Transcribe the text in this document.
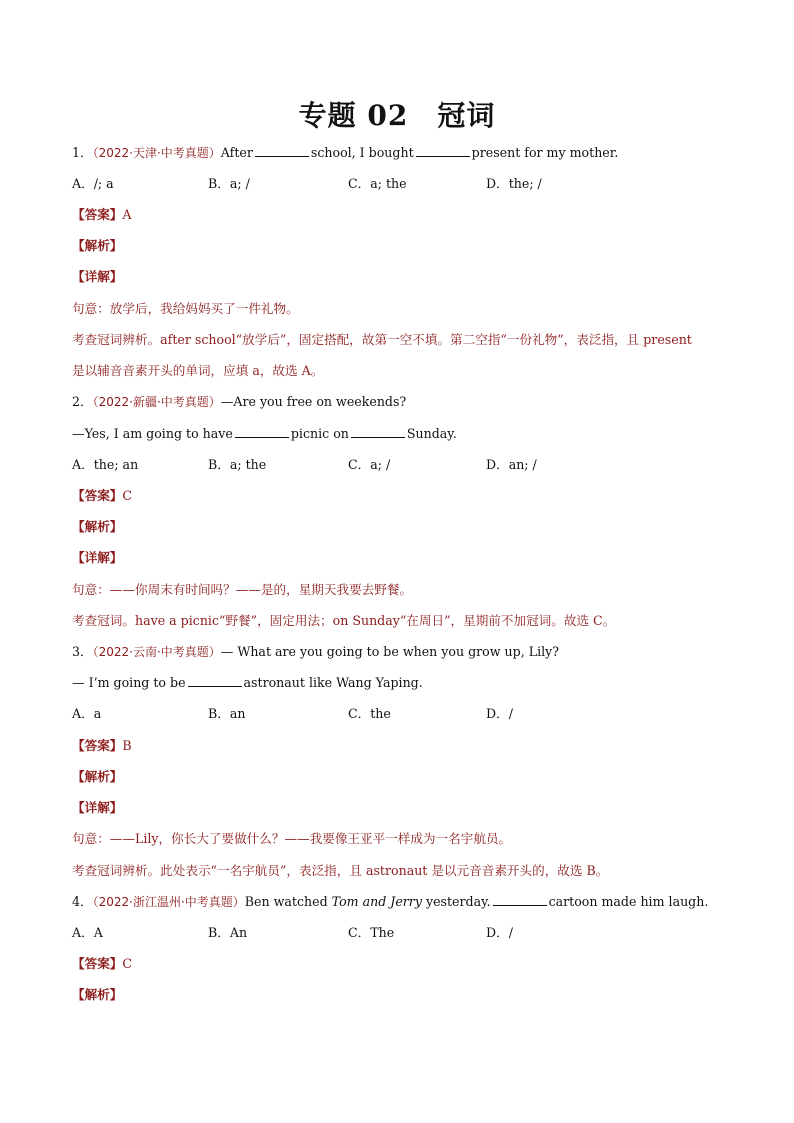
专题 02　冠词
1．（2022·天津·中考真题）After	school, I bought	present for my mother.
A．/; a	B．a; /	C．a; the	D．the; /
【答案】A
【解析】
【详解】
句意：放学后，我给妈妈买了一件礼物。
考查冠词辨析。after school“放学后”，固定搭配，故第一空不填。第二空指“一份礼物”，表泛指，且 present
是以辅音音素开头的单词，应填 a，故选 A。
2．（2022·新疆·中考真题）—Are you free on weekends?
—Yes, I am going to have	picnic on	Sunday.
A．the; an	B．a; the	C．a; /	D．an; /
【答案】C
【解析】
【详解】
句意：——你周末有时间吗？——是的，星期天我要去野餐。
考查冠词。have a picnic“野餐”，固定用法；on Sunday“在周日”，星期前不加冠词。故选 C。
3．（2022·云南·中考真题）— What are you going to be when you grow up, Lily?
— I’m going to be	astronaut like Wang Yaping.
A．a	B．an	C．the	D．/
【答案】B
【解析】
【详解】
句意：——Lily，你长大了要做什么？——我要像王亚平一样成为一名宇航员。
考查冠词辨析。此处表示“一名宇航员”，表泛指，且 astronaut 是以元音音素开头的，故选 B。
4．（2022·浙江温州·中考真题）Ben watched Tom and Jerry yesterday.	cartoon made him laugh.
A．A	B．An	C．The	D．/
【答案】C
【解析】
